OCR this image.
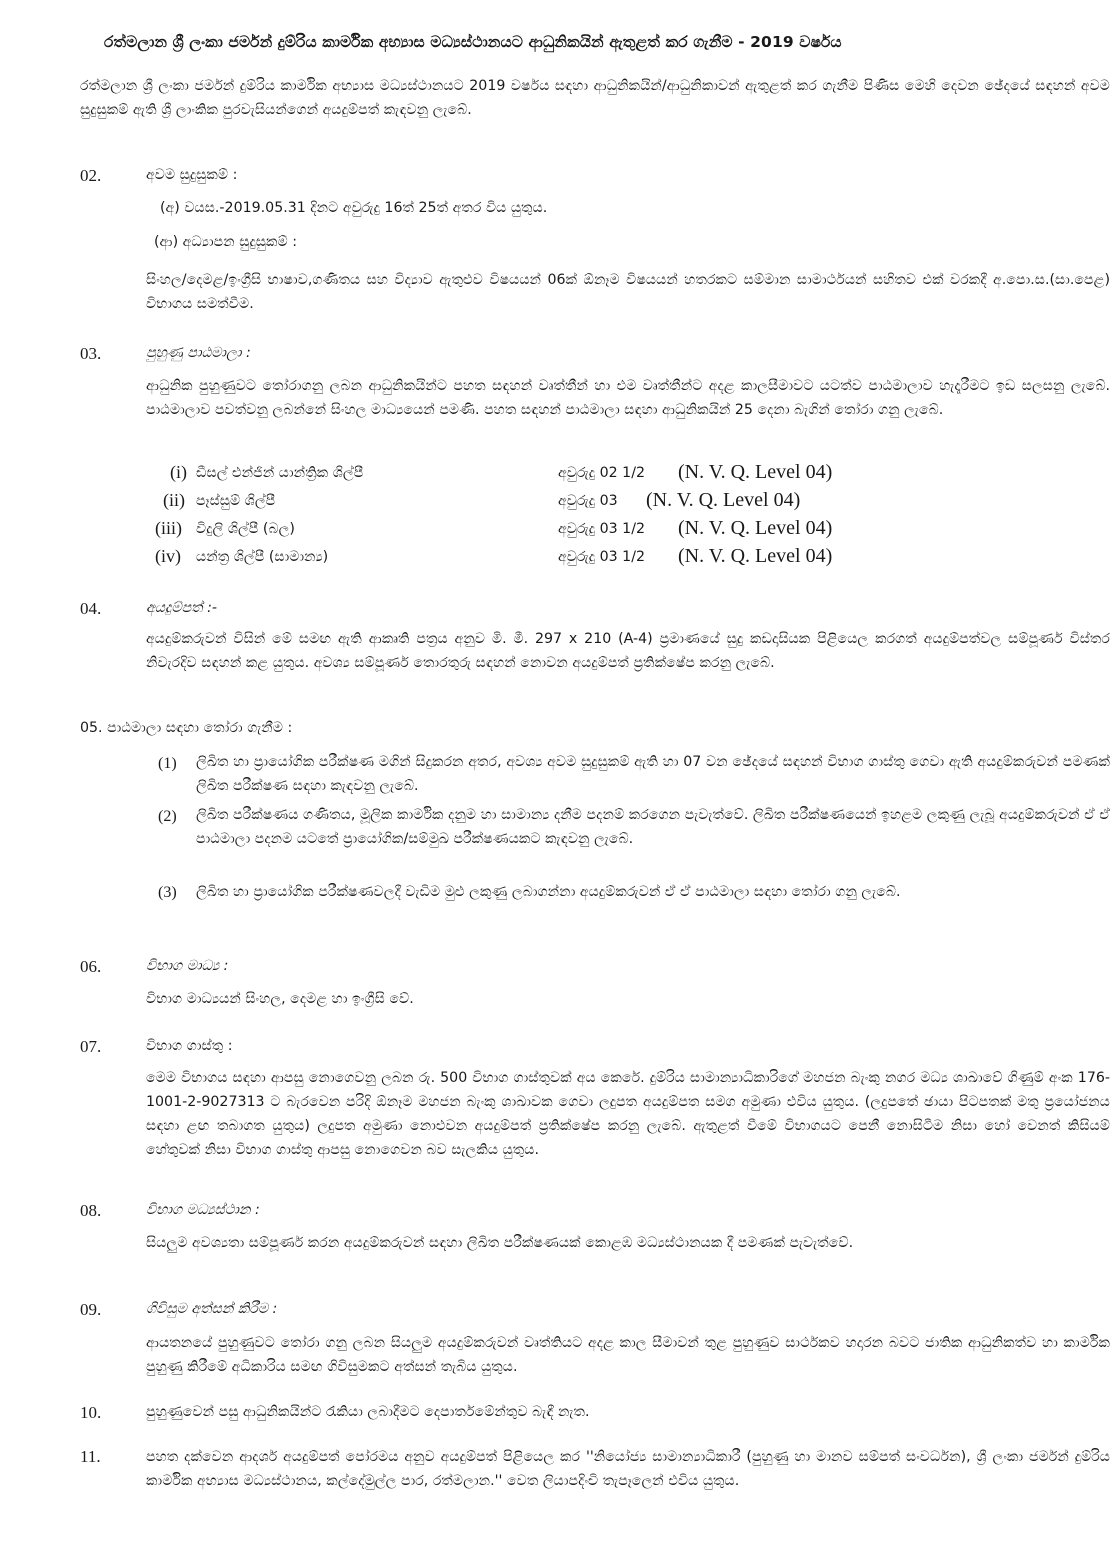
රත්මලාන ශ්‍රී ලංකා ජර්මන් දුම්රිය කාර්මික අභ්‍යාස මධ්‍යස්ථානයට ආධුනිකයින් ඇතුළත් කර ගැනීම - 2019 වර්ෂය
රත්මලාන ශ්‍රී ලංකා ජර්මන් දුම්රිය කාර්මික අභ්‍යාස මධ්‍යස්ථානයට 2019 වර්ෂය සඳහා ආධුනිකයින්/ආධුනිකාවන් ඇතුළත් කර ගැනීම පිණිස මෙහි දෙවන ඡේදයේ සඳහන් අවම සුදුසුකම් ඇති ශ්‍රී ලාංකික පුරවැසියන්ගෙන් අයදුම්පත් කැඳවනු ලැබේ.
02.	අවම සුදුසුකම් :
(අ) වයස.-2019.05.31 දිනට අවුරුදු 16ත් 25ත් අතර විය යුතුය.
(ආ) අධ්‍යාපන සුදුසුකම් :
සිංහල/දෙමළ/ඉංග්‍රීසි භාෂාව,ගණිතය සහ විද්‍යාව ඇතුළුව විෂයයන් 06ක් ඕනෑම විෂයයන් හතරකට සම්මාන සාමාර්ථයන් සහිතව එක් වරකදී අ.පො.ස.(සා.පෙළ) විභාගය සමත්වීම.
03.	පුහුණු පාඨමාලා :
ආධුනික පුහුණුවට තෝරාගනු ලබන ආධුනිකයින්ට පහත සඳහන් වෘත්තීන් හා එම වෘත්තීන්ට අදළ කාලසීමාවට යටත්ව පාඨමාලාව හැදෑරීමට ඉඩ සලසනු ලැබේ. පාඨමාලාව පවත්වනු ලබන්නේ සිංහල මාධ්‍යයෙන් පමණි. පහත සඳහන් පාඨමාලා සඳහා ආධුනිකයින් 25 දෙනා බැගින් තෝරා ගනු ලැබේ.
(i) ඩීසල් එන්ජින් යාන්ත්‍රික ශිල්පී	අවුරුදු 02 1/2 (N. V. Q. Level 04)
(ii) පෑස්සුම් ශිල්පී	අවුරුදු 03 (N. V. Q. Level 04)
(iii) විදුලි ශිල්පී (බල)	අවුරුදු 03 1/2 (N. V. Q. Level 04)
(iv) යන්ත්‍ර ශිල්පී (සාමාන්‍ය)	අවුරුදු 03 1/2 (N. V. Q. Level 04)
04.	අයදුම්පත් :-
අයදුම්කරුවන් විසින් මේ සමඟ ඇති ආකෘති පත්‍රය අනුව මි. මී. 297 x 210 (A-4) ප්‍රමාණයේ සුදු කඩදාසියක පිළියෙල කරගත් අයදුම්පත්වල සම්පූර්ණ විස්තර නිවැරදිව සඳහන් කළ යුතුය. අවශ්‍ය සම්පූර්ණ තොරතුරු සඳහන් නොවන අයදුම්පත් ප්‍රතික්ෂේප කරනු ලැබේ.
05. පාඨමාලා සඳහා තෝරා ගැනීම :
(1) ලිඛිත හා ප්‍රායෝගික පරීක්ෂණ මගින් සිදුකරන අතර, අවශ්‍ය අවම සුදුසුකම් ඇති හා 07 වන ඡේදයේ සඳහන් විභාග ගාස්තු ගෙවා ඇති අයදුම්කරුවන් පමණක් ලිඛිත පරීක්ෂණ සඳහා කැඳවනු ලැබේ.
(2) ලිඛිත පරීක්ෂණය ගණිතය, මූලික කාර්මික දනුම හා සාමාන්‍ය දනීම පදනම් කරගෙන පැවැත්වේ. ලිඛිත පරීක්ෂණයෙන් ඉහළම ලකුණු ලැබූ අයදුම්කරුවන් ඒ ඒ පාඨමාලා පදනම යටතේ ප්‍රායෝගික/සම්මුඛ පරීක්ෂණයකට කැඳවනු ලැබේ.
(3) ලිඛිත හා ප්‍රායෝගික පරීක්ෂණවලදී වැඩිම මුළු ලකුණු ලබාගන්නා අයදුම්කරුවන් ඒ ඒ පාඨමාලා සඳහා තෝරා ගනු ලැබේ.
06.	විභාග මාධ්‍ය :
විභාග මාධ්‍යයන් සිංහල, දෙමළ හා ඉංග්‍රීසි වේ.
07.	විභාග ගාස්තු :
මෙම විභාගය සඳහා ආපසු නොගෙවනු ලබන රු. 500 විභාග ගාස්තුවක් අය කෙරේ. දුම්රිය සාමාන්‍යාධිකාරිගේ මහජන බැංකු නගර මධ්‍ය ශාඛාවේ ගිණුම් අංක 176-1001-2-9027313 ට බැරවෙන පරිදි ඕනෑම මහජන බැංකු ශාඛාවක ගෙවා ලදුපත අයදුම්පත සමග අමුණා එවිය යුතුය. (ලදුපතේ ඡායා පිටපතක් මතු ප්‍රයෝජනය සඳහා ළඟ තබාගත යුතුය) ලදුපත අමුණා නොඑවන අයදුම්පත් ප්‍රතික්ෂේප කරනු ලැබේ. ඇතුළත් වීමේ විභාගයට පෙනී නොසිටීම නිසා හෝ වෙනත් කිසියම් හේතුවක් නිසා විභාග ගාස්තු ආපසු නොගෙවන බව සැලකිය යුතුය.
08.	විභාග මධ්‍යස්ථාන :
සියලුම අවශ්‍යතා සම්පූර්ණ කරන අයදුම්කරුවන් සඳහා ලිඛිත පරීක්ෂණයක් කොළඹ මධ්‍යස්ථානයක දී පමණක් පැවැත්වේ.
09.	ගිවිසුම අත්සන් කිරීම :
ආයතනයේ පුහුණුවට තෝරා ගනු ලබන සියලුම අයදුම්කරුවන් වෘත්තියට අදළ කාල සීමාවන් තුළ පුහුණුව සාර්ථකව හදාරන බවට ජාතික ආධුනිකත්ව හා කාර්මික පුහුණු කිරීමේ අධිකාරිය සමඟ ගිවිසුමකට අත්සන් තැබිය යුතුය.
10.	පුහුණුවෙන් පසු ආධුනිකයින්ට රැකියා ලබාදීමට දෙපාර්තමේන්තුව බැඳී නැත.
11.	පහත දක්වෙන ආදර්ශ අයදුම්පත් පෝරමය අනුව අයදුම්පත් පිළියෙල කර ''නියෝජ්‍ය සාමාන්‍යාධිකාරී (පුහුණු හා මානව සම්පත් සංවර්ධන), ශ්‍රී ලංකා ජර්මන් දුම්රිය කාර්මික අභ්‍යාස මධ්‍යස්ථානය, කල්දේමුල්ල පාර, රත්මලාන.'' වෙත ලියාපදිංචි තැපෑලෙන් එවිය යුතුය.
